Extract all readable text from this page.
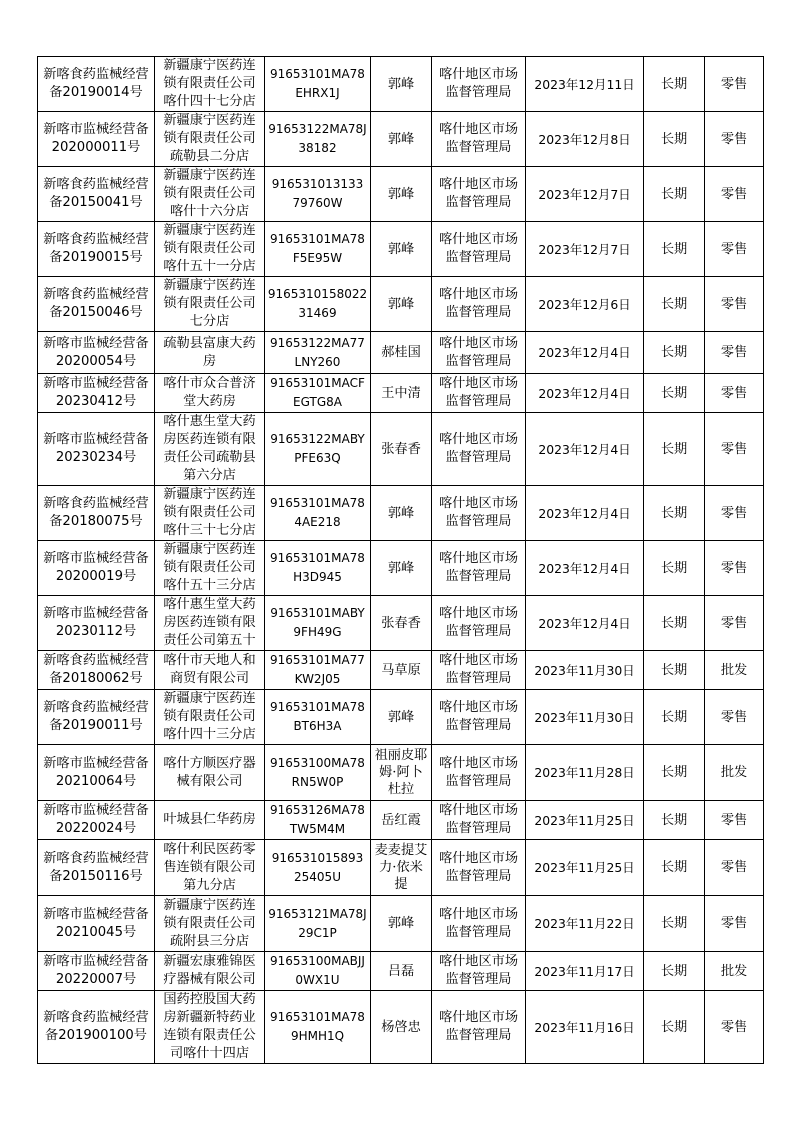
新喀食药监械经营备20190014号	新疆康宁医药连锁有限责任公司喀什四十七分店	91653101MA78EHRX1J	郭峰	喀什地区市场监督管理局	2023年12月11日	长期	零售
新喀市监械经营备202000011号	新疆康宁医药连锁有限责任公司疏勒县二分店	91653122MA78J38182	郭峰	喀什地区市场监督管理局	2023年12月8日	长期	零售
新喀食药监械经营备20150041号	新疆康宁医药连锁有限责任公司喀什十六分店	916531013133 79760W	郭峰	喀什地区市场监督管理局	2023年12月7日	长期	零售
新喀食药监械经营备20190015号	新疆康宁医药连锁有限责任公司喀什五十一分店	91653101MA78F5E95W	郭峰	喀什地区市场监督管理局	2023年12月7日	长期	零售
新喀食药监械经营备20150046号	新疆康宁医药连锁有限责任公司七分店	916531015802231469	郭峰	喀什地区市场监督管理局	2023年12月6日	长期	零售
新喀市监械经营备20200054号	疏勒县富康大药房	91653122MA77LNY260	郝桂国	喀什地区市场监督管理局	2023年12月4日	长期	零售
新喀市监械经营备20230412号	喀什市众合普济堂大药房	91653101MACFEGTG8A	王中清	喀什地区市场监督管理局	2023年12月4日	长期	零售
新喀市监械经营备20230234号	喀什惠生堂大药房医药连锁有限责任公司疏勒县第六分店	91653122MABYPFE63Q	张春香	喀什地区市场监督管理局	2023年12月4日	长期	零售
新喀食药监械经营备20180075号	新疆康宁医药连锁有限责任公司喀什三十七分店	91653101MA784AE218	郭峰	喀什地区市场监督管理局	2023年12月4日	长期	零售
新喀市监械经营备20200019号	新疆康宁医药连锁有限责任公司喀什五十三分店	91653101MA78H3D945	郭峰	喀什地区市场监督管理局	2023年12月4日	长期	零售
新喀市监械经营备20230112号	喀什惠生堂大药房医药连锁有限责任公司第五十	91653101MABY9FH49G	张春香	喀什地区市场监督管理局	2023年12月4日	长期	零售
新喀食药监械经营备20180062号	喀什市天地人和商贸有限公司	91653101MA77KW2J05	马草原	喀什地区市场监督管理局	2023年11月30日	长期	批发
新喀食药监械经营备20190011号	新疆康宁医药连锁有限责任公司喀什四十三分店	91653101MA78BT6H3A	郭峰	喀什地区市场监督管理局	2023年11月30日	长期	零售
新喀市监械经营备20210064号	喀什方顺医疗器械有限公司	91653100MA78RN5W0P	祖丽皮耶姆·阿卜杜拉	喀什地区市场监督管理局	2023年11月28日	长期	批发
新喀市监械经营备20220024号	叶城县仁华药房	91653126MA78TW5M4M	岳红霞	喀什地区市场监督管理局	2023年11月25日	长期	零售
新喀食药监械经营备20150116号	喀什利民医药零售连锁有限公司第九分店	916531015893 25405U	麦麦提艾力·依米提	喀什地区市场监督管理局	2023年11月25日	长期	零售
新喀市监械经营备20210045号	新疆康宁医药连锁有限责任公司疏附县三分店	91653121MA78J29C1P	郭峰	喀什地区市场监督管理局	2023年11月22日	长期	零售
新喀市监械经营备20220007号	新疆宏康雅锦医疗器械有限公司	91653100MABJJ0WX1U	吕磊	喀什地区市场监督管理局	2023年11月17日	长期	批发
新喀食药监械经营备201900100号	国药控股国大药房新疆新特药业连锁有限责任公司喀什十四店	91653101MA789HMH1Q	杨啓忠	喀什地区市场监督管理局	2023年11月16日	长期	零售
